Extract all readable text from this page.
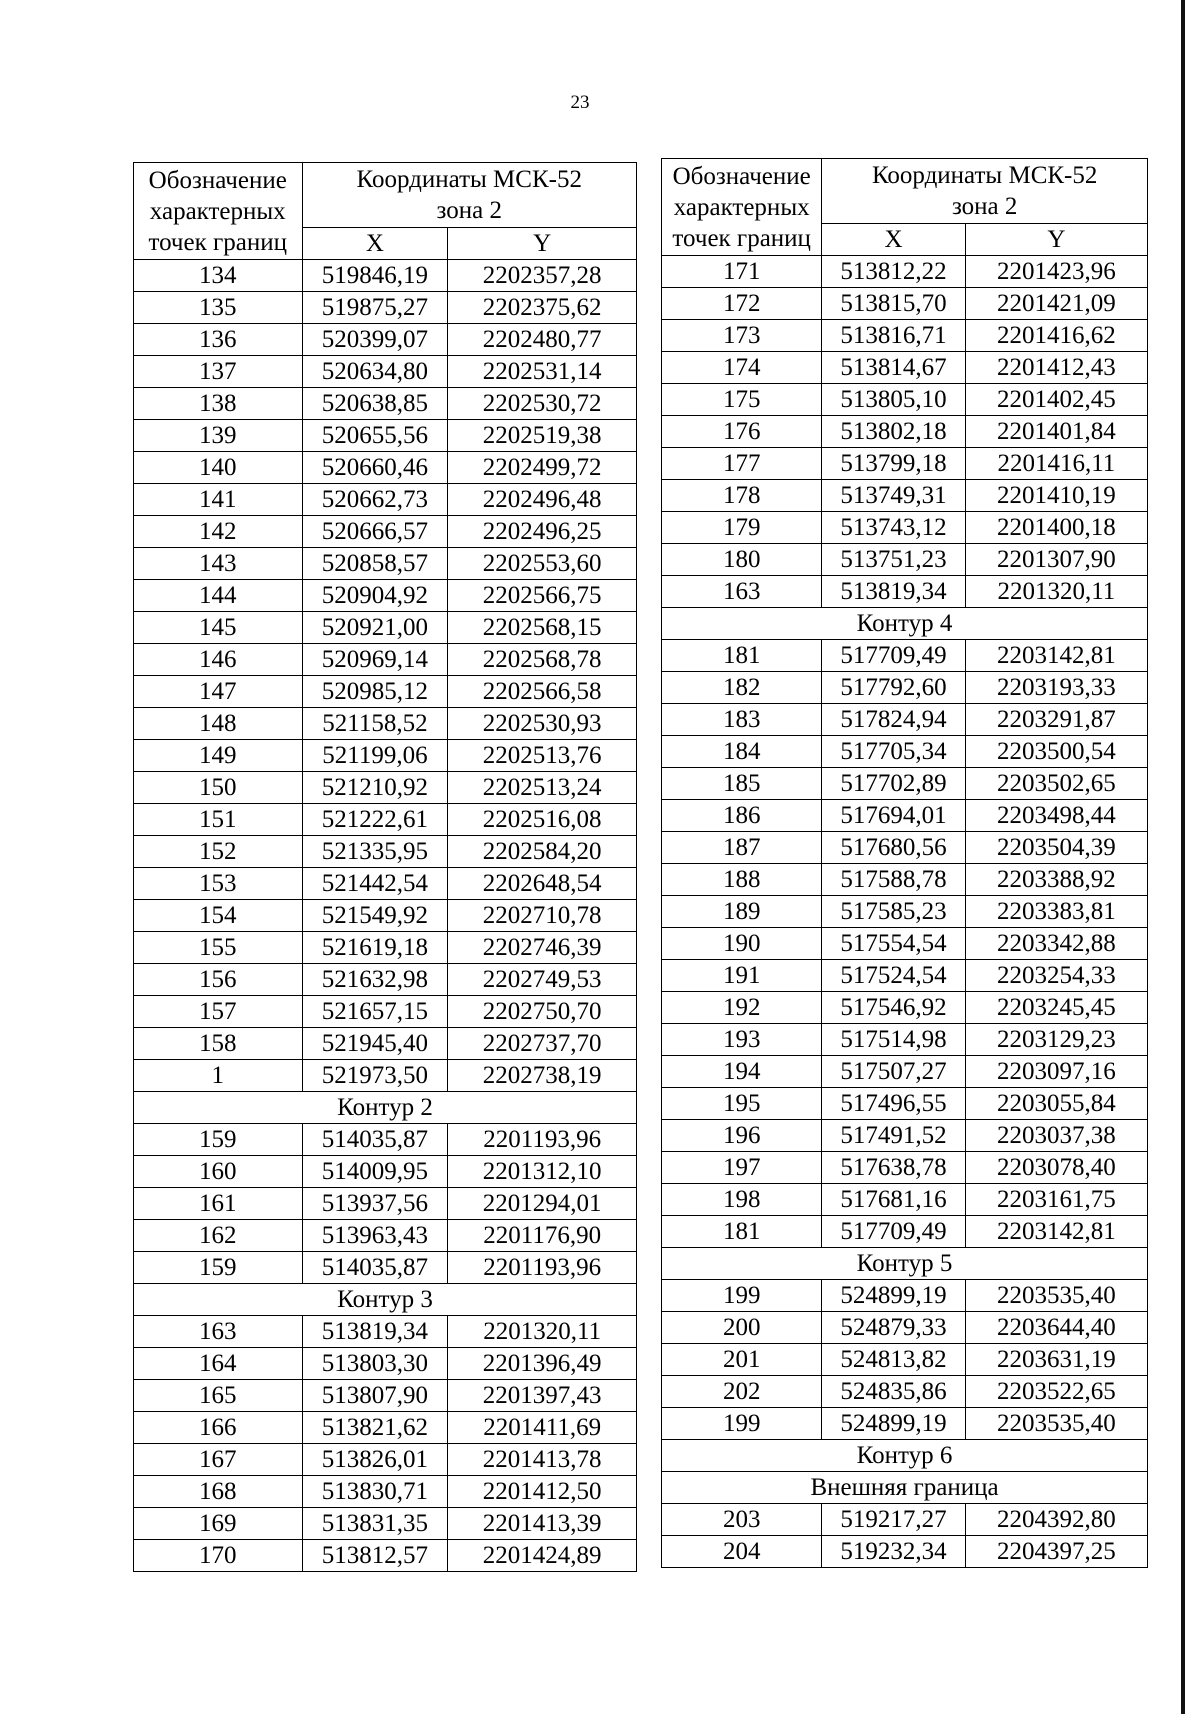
23
Обозначение
характерных
точек границ	Координаты МСК-52
зона 2	
	X	Y
134	519846,19	2202357,28
135	519875,27	2202375,62
136	520399,07	2202480,77
137	520634,80	2202531,14
138	520638,85	2202530,72
139	520655,56	2202519,38
140	520660,46	2202499,72
141	520662,73	2202496,48
142	520666,57	2202496,25
143	520858,57	2202553,60
144	520904,92	2202566,75
145	520921,00	2202568,15
146	520969,14	2202568,78
147	520985,12	2202566,58
148	521158,52	2202530,93
149	521199,06	2202513,76
150	521210,92	2202513,24
151	521222,61	2202516,08
152	521335,95	2202584,20
153	521442,54	2202648,54
154	521549,92	2202710,78
155	521619,18	2202746,39
156	521632,98	2202749,53
157	521657,15	2202750,70
158	521945,40	2202737,70
1	521973,50	2202738,19
Контур 2		
159	514035,87	2201193,96
160	514009,95	2201312,10
161	513937,56	2201294,01
162	513963,43	2201176,90
159	514035,87	2201193,96
Контур 3		
163	513819,34	2201320,11
164	513803,30	2201396,49
165	513807,90	2201397,43
166	513821,62	2201411,69
167	513826,01	2201413,78
168	513830,71	2201412,50
169	513831,35	2201413,39
170	513812,57	2201424,89
Обозначение
характерных
точек границ	Координаты МСК-52
зона 2	
	X	Y
171	513812,22	2201423,96
172	513815,70	2201421,09
173	513816,71	2201416,62
174	513814,67	2201412,43
175	513805,10	2201402,45
176	513802,18	2201401,84
177	513799,18	2201416,11
178	513749,31	2201410,19
179	513743,12	2201400,18
180	513751,23	2201307,90
163	513819,34	2201320,11
Контур 4		
181	517709,49	2203142,81
182	517792,60	2203193,33
183	517824,94	2203291,87
184	517705,34	2203500,54
185	517702,89	2203502,65
186	517694,01	2203498,44
187	517680,56	2203504,39
188	517588,78	2203388,92
189	517585,23	2203383,81
190	517554,54	2203342,88
191	517524,54	2203254,33
192	517546,92	2203245,45
193	517514,98	2203129,23
194	517507,27	2203097,16
195	517496,55	2203055,84
196	517491,52	2203037,38
197	517638,78	2203078,40
198	517681,16	2203161,75
181	517709,49	2203142,81
Контур 5		
199	524899,19	2203535,40
200	524879,33	2203644,40
201	524813,82	2203631,19
202	524835,86	2203522,65
199	524899,19	2203535,40
Контур 6		
Внешняя граница		
203	519217,27	2204392,80
204	519232,34	2204397,25
